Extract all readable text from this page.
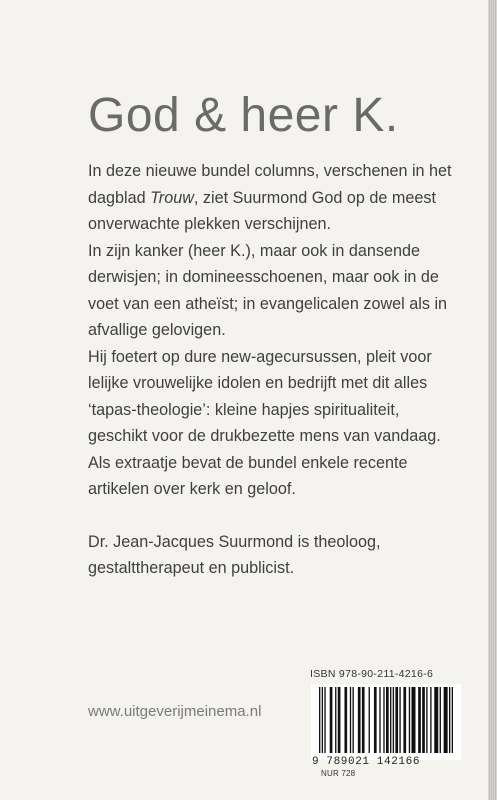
God & heer K.

In deze nieuwe bundel columns, verschenen in het dagblad Trouw, ziet Suurmond God op de meest onverwachte plekken verschijnen.

In zijn kanker (heer K.), maar ook in dansende derwisjen; in domineesschoenen, maar ook in de voet van een atheïst; in evangelicalen zowel als in afvallige gelovigen.

Hij foetert op dure new-agecursussen, pleit voor lelijke vrouwelijke idolen en bedrijft met dit alles ‘tapas-theologie’: kleine hapjes spiritualiteit, geschikt voor de drukbezette mens van vandaag.

Als extraatje bevat de bundel enkele recente artikelen over kerk en geloof.

Dr. Jean-Jacques Suurmond is theoloog, gestalttherapeut en publicist.

www.uitgeverijmeinema.nl
ISBN 978-90-211-4216-6
9 789021 142166
NUR 728
